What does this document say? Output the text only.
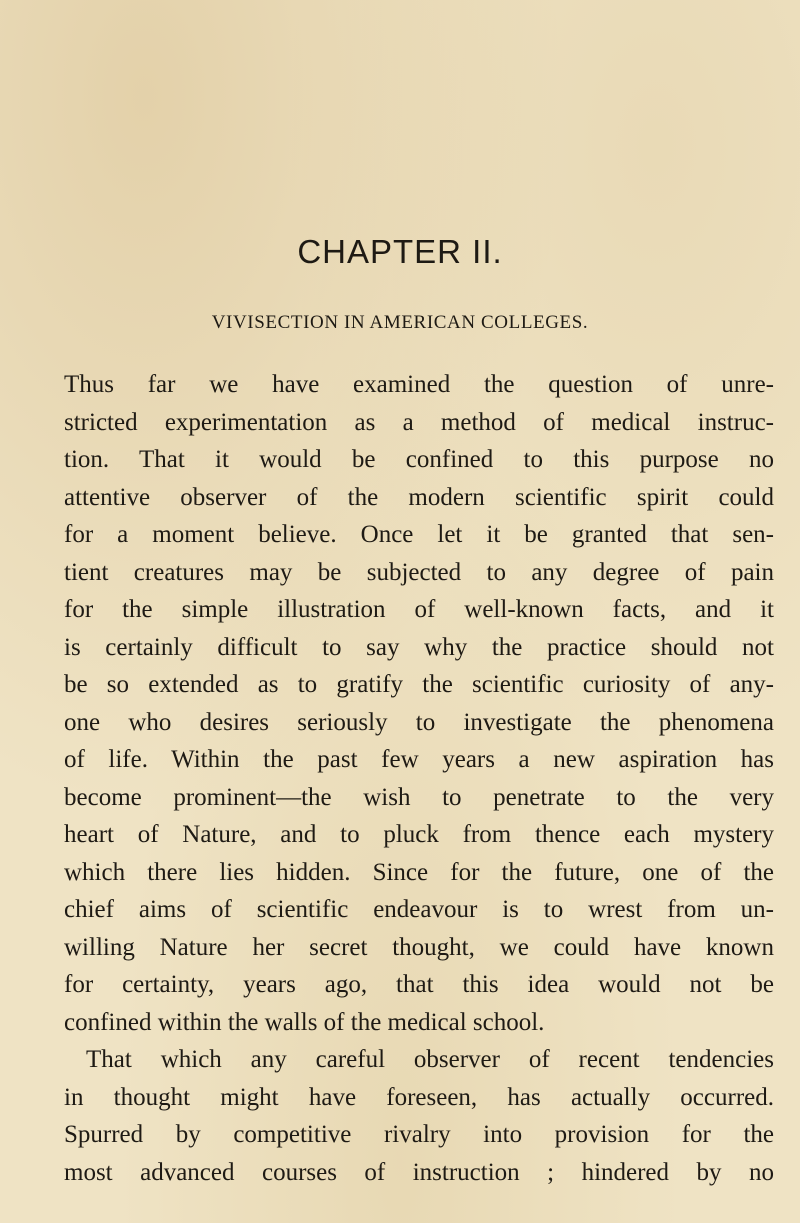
CHAPTER II.
VIVISECTION IN AMERICAN COLLEGES.
Thus far we have examined the question of unre-
stricted experimentation as a method of medical instruc-
tion. That it would be confined to this purpose no
attentive observer of the modern scientific spirit could
for a moment believe. Once let it be granted that sen-
tient creatures may be subjected to any degree of pain
for the simple illustration of well-known facts, and it
is certainly difficult to say why the practice should not
be so extended as to gratify the scientific curiosity of any-
one who desires seriously to investigate the phenomena
of life. Within the past few years a new aspiration has
become prominent—the wish to penetrate to the very
heart of Nature, and to pluck from thence each mystery
which there lies hidden. Since for the future, one of the
chief aims of scientific endeavour is to wrest from un-
willing Nature her secret thought, we could have known
for certainty, years ago, that this idea would not be
confined within the walls of the medical school.
That which any careful observer of recent tendencies
in thought might have foreseen, has actually occurred.
Spurred by competitive rivalry into provision for the
most advanced courses of instruction ; hindered by no
